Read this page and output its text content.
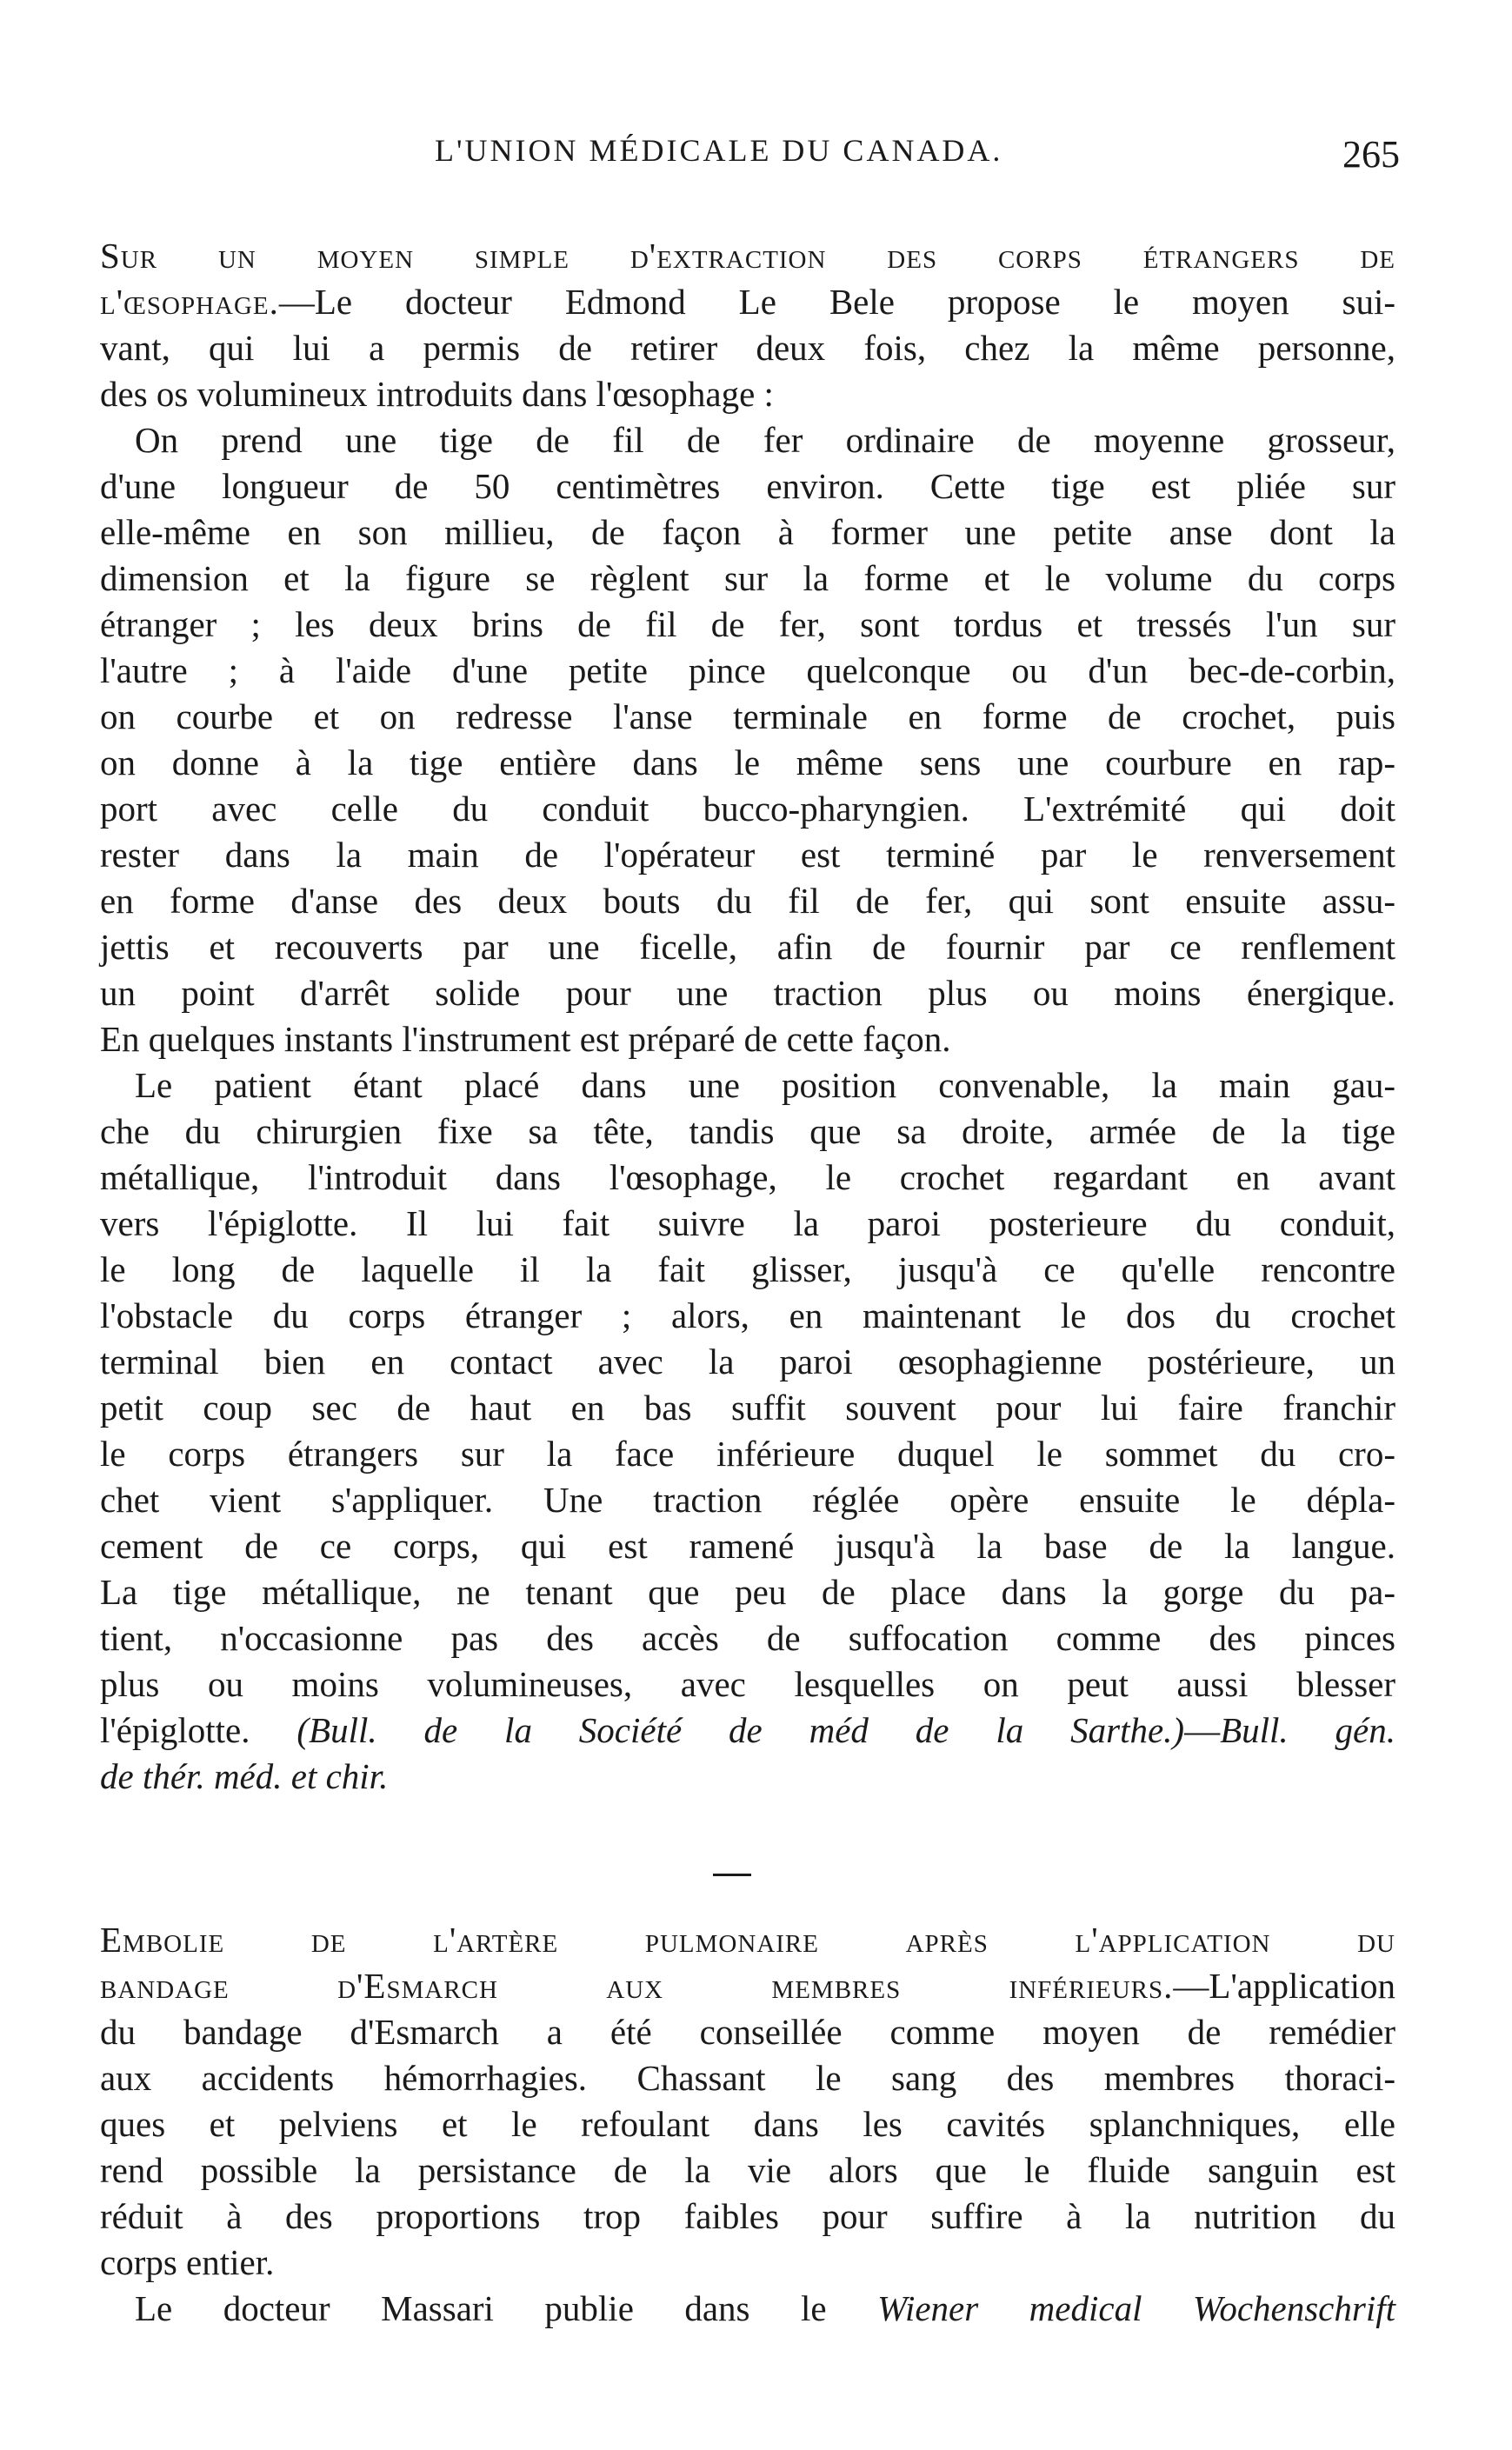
L'UNION MÉDICALE DU CANADA.	265
Sur un moyen simple d'extraction des corps étrangers de
l'œsophage.—Le docteur Edmond Le Bele propose le moyen sui-
vant, qui lui a permis de retirer deux fois, chez la même personne,
des os volumineux introduits dans l'œsophage :
On prend une tige de fil de fer ordinaire de moyenne grosseur,
d'une longueur de 50 centimètres environ. Cette tige est pliée sur
elle-même en son millieu, de façon à former une petite anse dont la
dimension et la figure se règlent sur la forme et le volume du corps
étranger ; les deux brins de fil de fer, sont tordus et tressés l'un sur
l'autre ; à l'aide d'une petite pince quelconque ou d'un bec-de-corbin,
on courbe et on redresse l'anse terminale en forme de crochet, puis
on donne à la tige entière dans le même sens une courbure en rap-
port avec celle du conduit bucco-pharyngien. L'extrémité qui doit
rester dans la main de l'opérateur est terminé par le renversement
en forme d'anse des deux bouts du fil de fer, qui sont ensuite assu-
jettis et recouverts par une ficelle, afin de fournir par ce renflement
un point d'arrêt solide pour une traction plus ou moins énergique.
En quelques instants l'instrument est préparé de cette façon.
Le patient étant placé dans une position convenable, la main gau-
che du chirurgien fixe sa tête, tandis que sa droite, armée de la tige
métallique, l'introduit dans l'œsophage, le crochet regardant en avant
vers l'épiglotte. Il lui fait suivre la paroi posterieure du conduit,
le long de laquelle il la fait glisser, jusqu'à ce qu'elle rencontre
l'obstacle du corps étranger ; alors, en maintenant le dos du crochet
terminal bien en contact avec la paroi œsophagienne postérieure, un
petit coup sec de haut en bas suffit souvent pour lui faire franchir
le corps étrangers sur la face inférieure duquel le sommet du cro-
chet vient s'appliquer. Une traction réglée opère ensuite le dépla-
cement de ce corps, qui est ramené jusqu'à la base de la langue.
La tige métallique, ne tenant que peu de place dans la gorge du pa-
tient, n'occasionne pas des accès de suffocation comme des pinces
plus ou moins volumineuses, avec lesquelles on peut aussi blesser
l'épiglotte. (Bull. de la Société de méd de la Sarthe.)—Bull. gén.
de thér. méd. et chir.
Embolie de l'artère pulmonaire après l'application du
bandage d'Esmarch aux membres inférieurs.—L'application
du bandage d'Esmarch a été conseillée comme moyen de remédier
aux accidents hémorrhagies. Chassant le sang des membres thoraci-
ques et pelviens et le refoulant dans les cavités splanchniques, elle
rend possible la persistance de la vie alors que le fluide sanguin est
réduit à des proportions trop faibles pour suffire à la nutrition du
corps entier.
Le docteur Massari publie dans le Wiener medical Wochenschrift
